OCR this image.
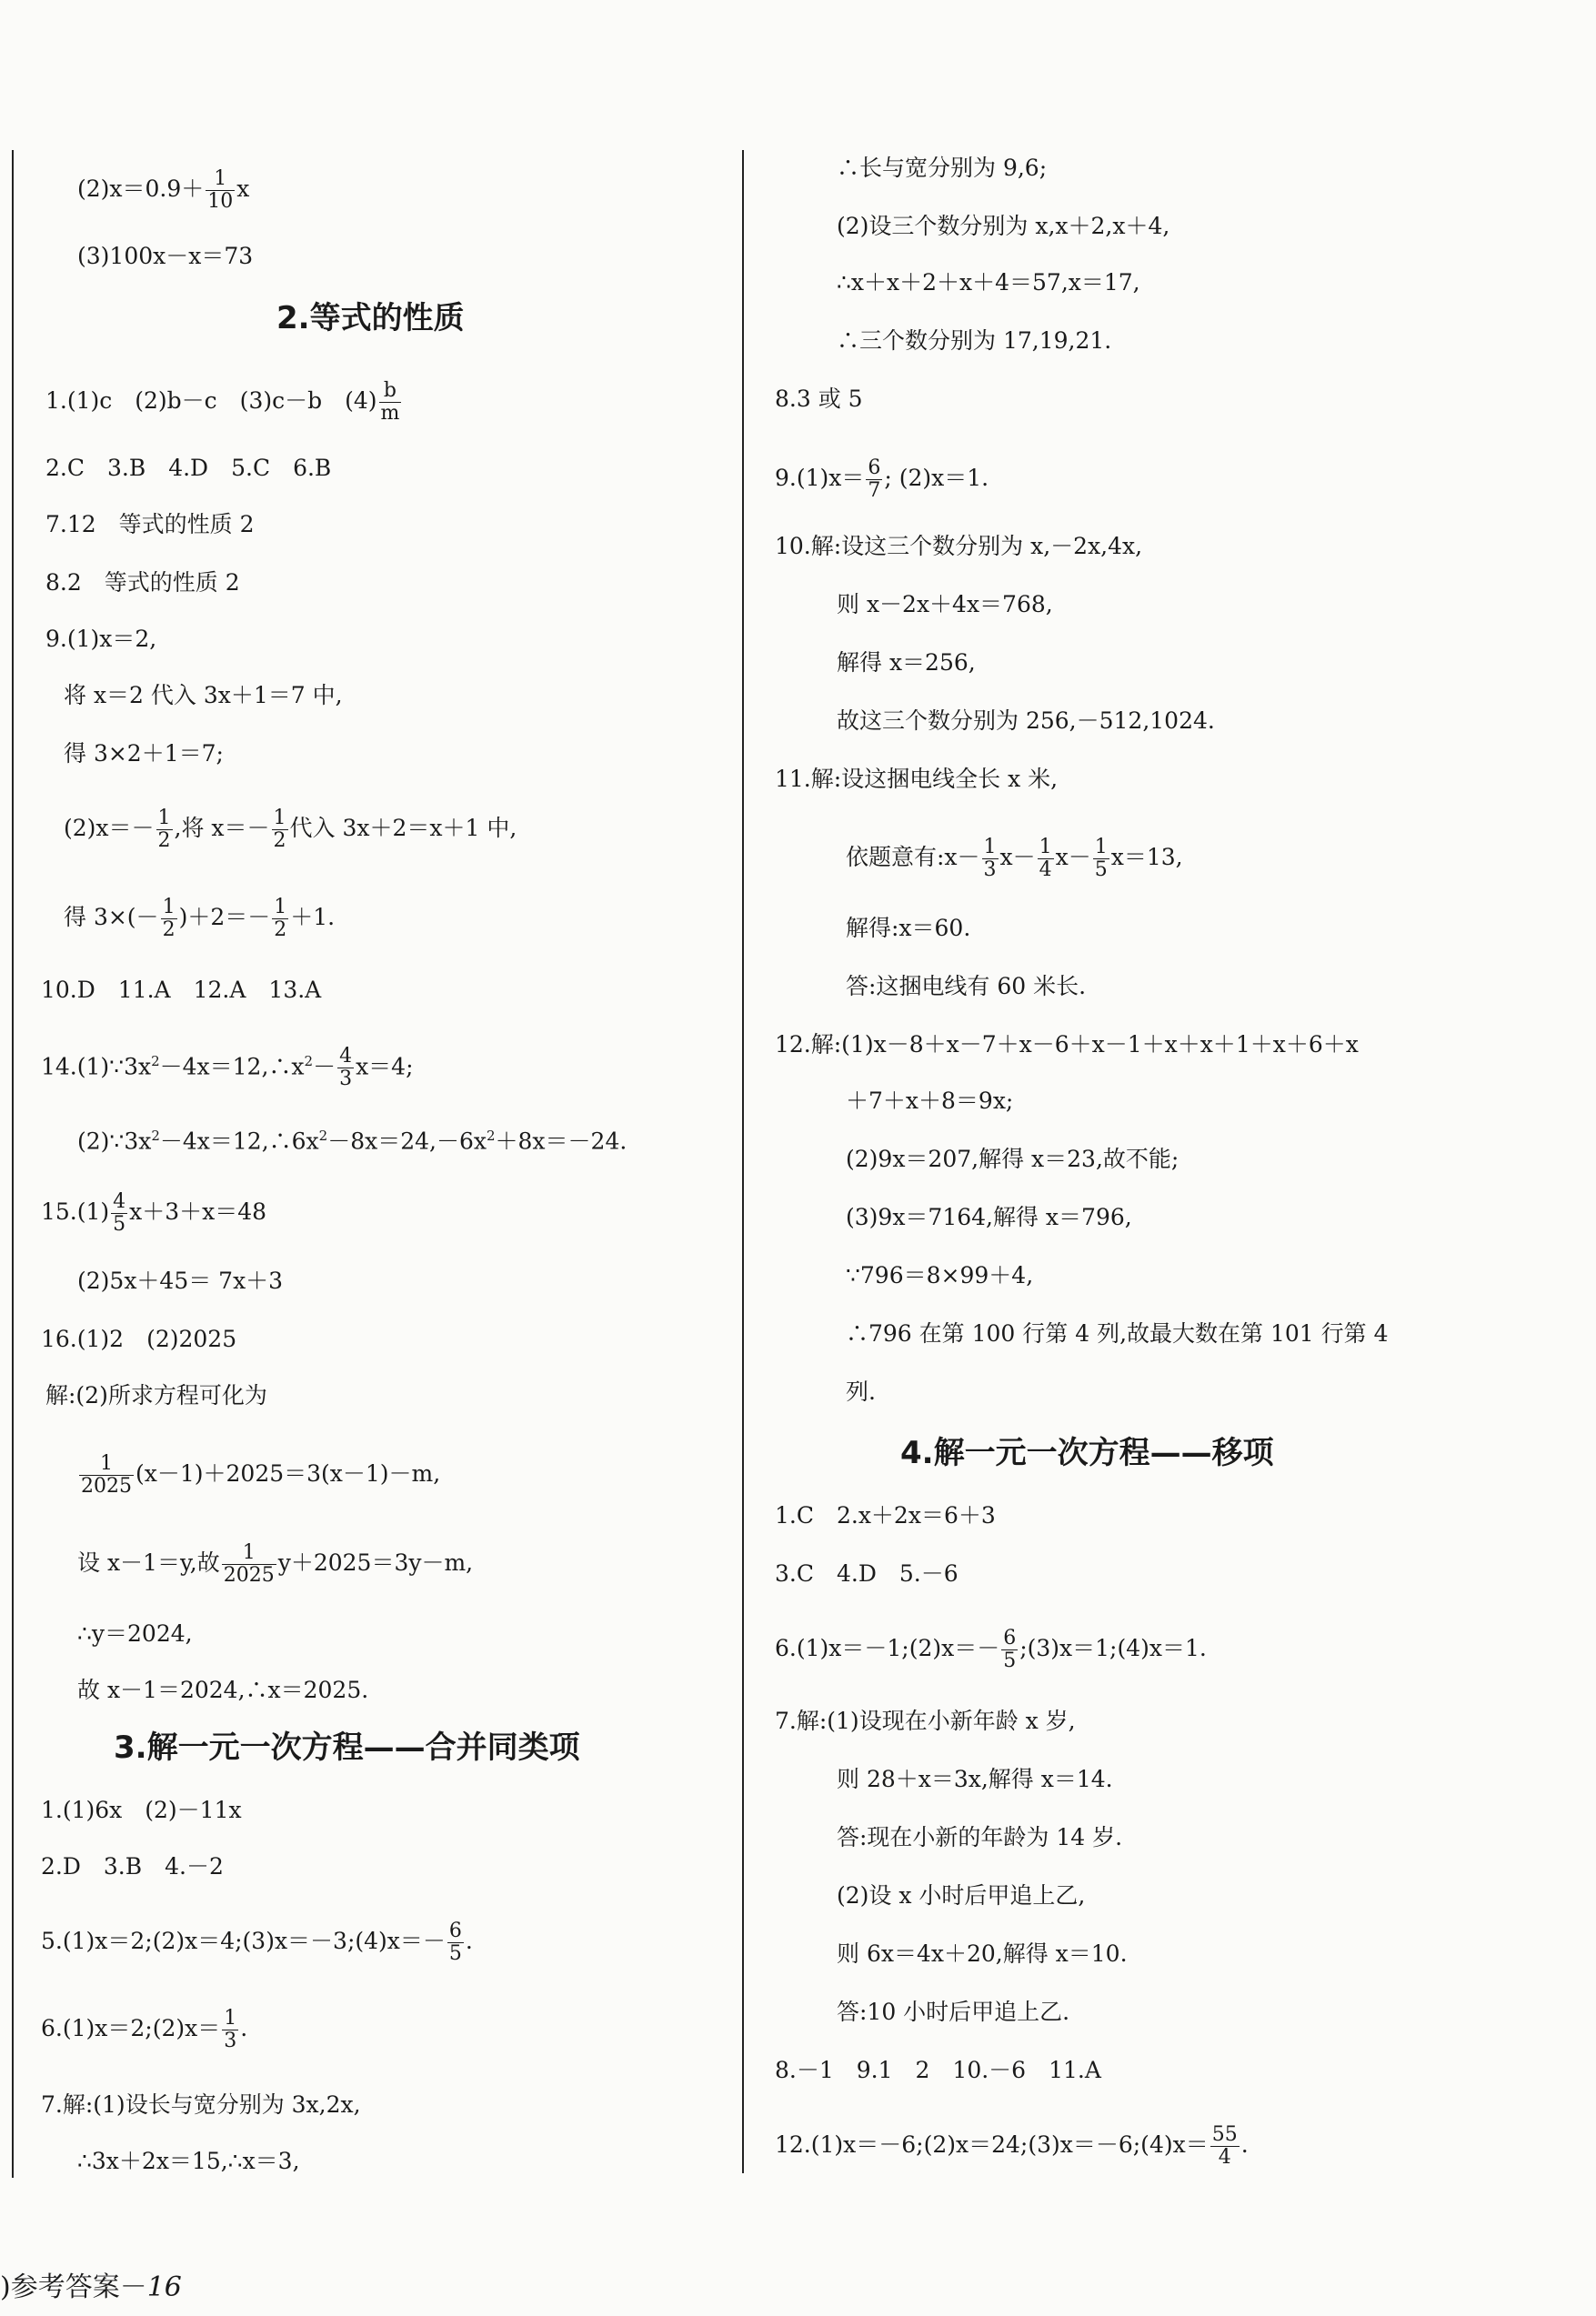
$(2)x=0.9+ \frac{1}{10}$ x
(3)100x－x＝73
2.等式的性质
1.(1)c　(2)b－c　(3)c－b　$(4) \frac{b}{m}$
2.C　3.B　4.D　5.C　6.B
7.12　等式的性质 2
8.2　等式的性质 2
9.(1)x＝2,
将 x＝2 代入 3x＋1＝7 中,
得 3×2＋1＝7;
$(2)x=- \frac{1}{2}$ ,将 $x=- \frac{1}{2}$ 代入 3x＋2＝x＋1 中,
得 $3\times(- \frac{1}{2} )+2=- \frac{1}{2} +1$.
10.D　11.A　12.A　13.A
$14.(1)\because 3x^2-4x=12,\therefore x^2- \frac{4}{3} x=4$;
$(2)\because 3x^2-4x=12,\therefore 6x^2-8x=24,-6x^2+8x=-24$.
$15.(1) \frac{4}{5} x+3+x=48$
(2)5x＋45＝ 7x＋3
16.(1)2　(2)2025
解:(2)所求方程可化为
$\frac{1}{2025} (x-1)+2025=3(x-1)-m$,
设 x－1＝y,故 $\frac{1}{2025} y+2025=3y-m$,
∴y＝2024,
故 x－1＝2024,∴x＝2025.
3.解一元一次方程——合并同类项
1.(1)6x　(2)－11x
2.D　3.B　4.－2
5.(1)x＝2;(2)x＝4;(3)x＝－3;(4)x＝－ $\frac{6}{5}$ .
6.(1)x＝2;(2)x＝ $\frac{1}{3}$ .
7.解:(1)设长与宽分别为 3x,2x,
∴3x＋2x＝15,∴x＝3,
∴长与宽分别为 9,6;
(2)设三个数分别为 x,x＋2,x＋4,
∴x＋x＋2＋x＋4＝57,x＝17,
∴三个数分别为 17,19,21.
8.3 或 5
$9.(1)x= \frac{6}{7}$ ; (2)x＝1.
10.解:设这三个数分别为 x,－2x,4x,
则 x－2x＋4x＝768,
解得 x＝256,
故这三个数分别为 256,－512,1024.
11.解:设这捆电线全长 x 米,
依题意有:x－ $\frac{1}{3} x- \frac{1}{4} x- \frac{1}{5} x=13$,
解得:x＝60.
答:这捆电线有 60 米长.
12.解:(1)x－8＋x－7＋x－6＋x－1＋x＋x＋1＋x＋6＋x
＋7＋x＋8＝9x;
(2)9x＝207,解得 x＝23,故不能;
(3)9x＝7164,解得 x＝796,
∵796＝8×99＋4,
∴796 在第 100 行第 4 列,故最大数在第 101 行第 4
列.
4.解一元一次方程——移项
1.C　2.x＋2x＝6＋3
3.C　4.D　5.－6
6.(1)x＝－1;(2)x＝－ $\frac{6}{5}$ ;(3)x＝1;(4)x＝1.
7.解:(1)设现在小新年龄 x 岁,
则 28＋x＝3x,解得 x＝14.
答:现在小新的年龄为 14 岁.
(2)设 x 小时后甲追上乙,
则 6x＝4x＋20,解得 x＝10.
答:10 小时后甲追上乙.
8.－1　9.1　2　10.－6　11.A
12.(1)x＝－6;(2)x＝24;(3)x＝－6;(4)x＝ $\frac{55}{4}$ .
)参考答案－16
